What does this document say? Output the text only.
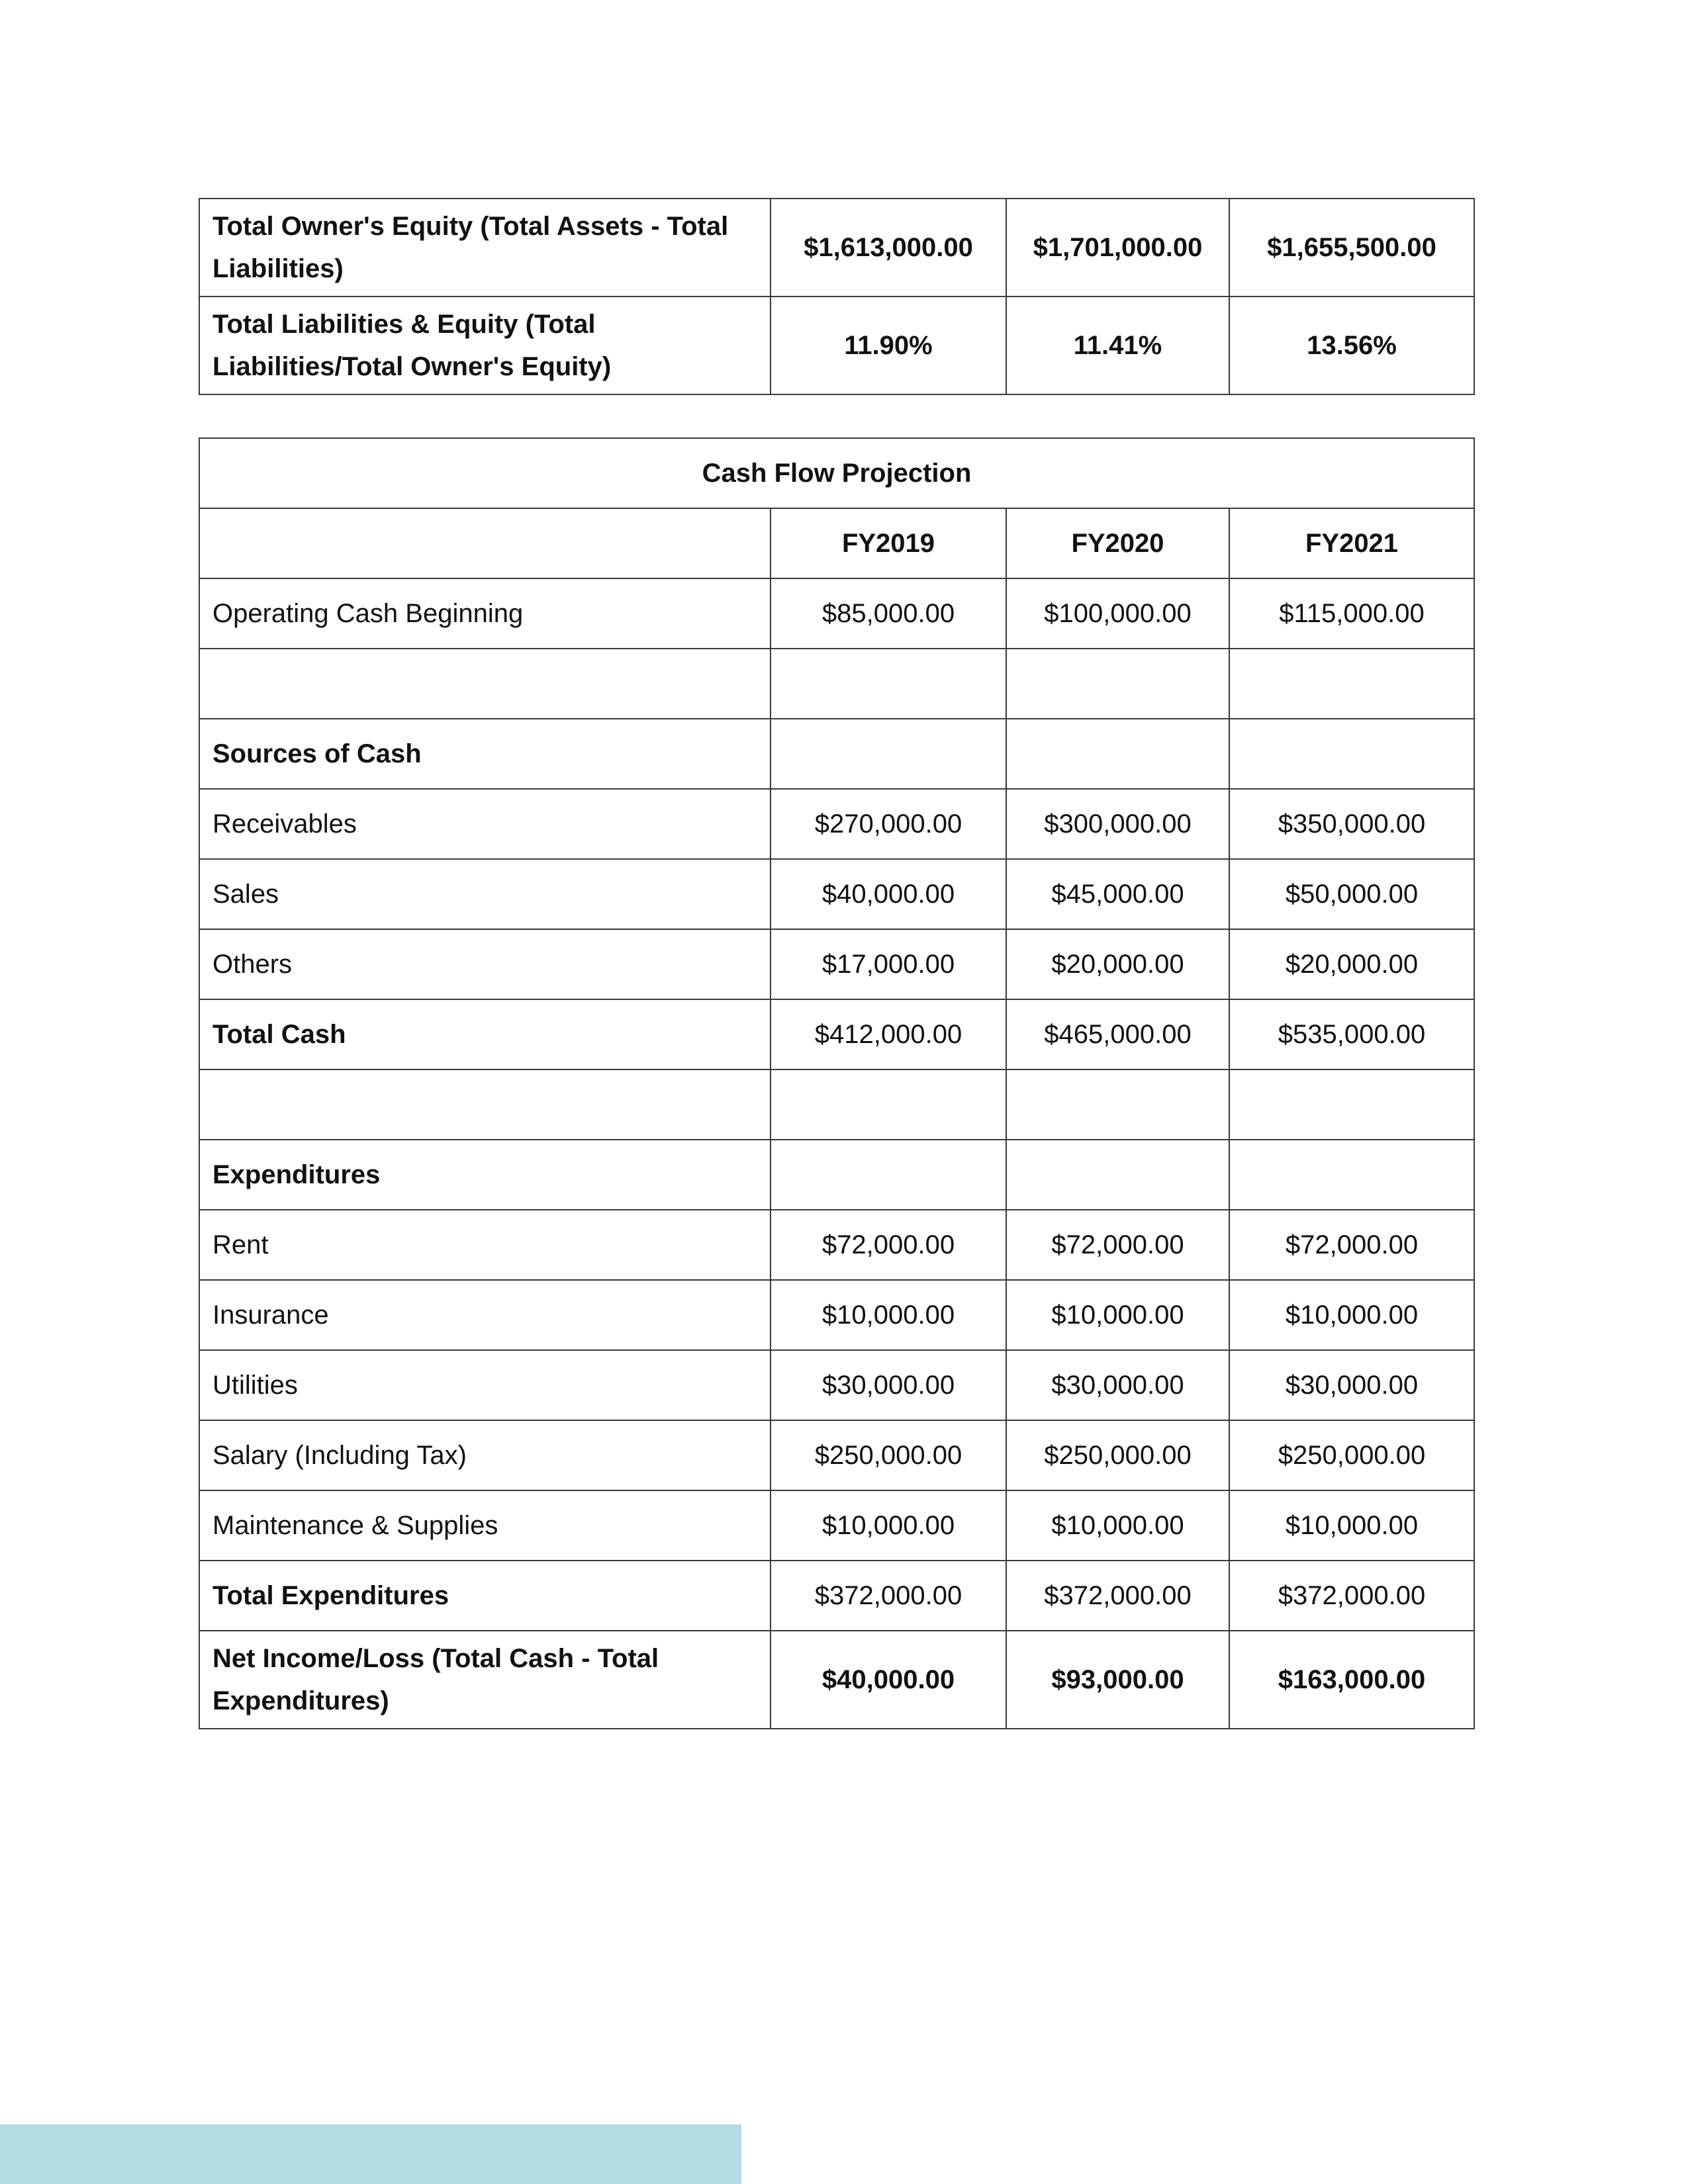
Total Owner's Equity (Total Assets - Total Liabilities)	$1,613,000.00	$1,701,000.00	$1,655,500.00
Total Liabilities & Equity (Total Liabilities/Total Owner's Equity)	11.90%	11.41%	13.56%
Cash Flow Projection			
	FY2019	FY2020	FY2021
Operating Cash Beginning	$85,000.00	$100,000.00	$115,000.00

Sources of Cash			
Receivables	$270,000.00	$300,000.00	$350,000.00
Sales	$40,000.00	$45,000.00	$50,000.00
Others	$17,000.00	$20,000.00	$20,000.00
Total Cash	$412,000.00	$465,000.00	$535,000.00

Expenditures			
Rent	$72,000.00	$72,000.00	$72,000.00
Insurance	$10,000.00	$10,000.00	$10,000.00
Utilities	$30,000.00	$30,000.00	$30,000.00
Salary (Including Tax)	$250,000.00	$250,000.00	$250,000.00
Maintenance & Supplies	$10,000.00	$10,000.00	$10,000.00
Total Expenditures	$372,000.00	$372,000.00	$372,000.00
Net Income/Loss (Total Cash - Total Expenditures)	$40,000.00	$93,000.00	$163,000.00
